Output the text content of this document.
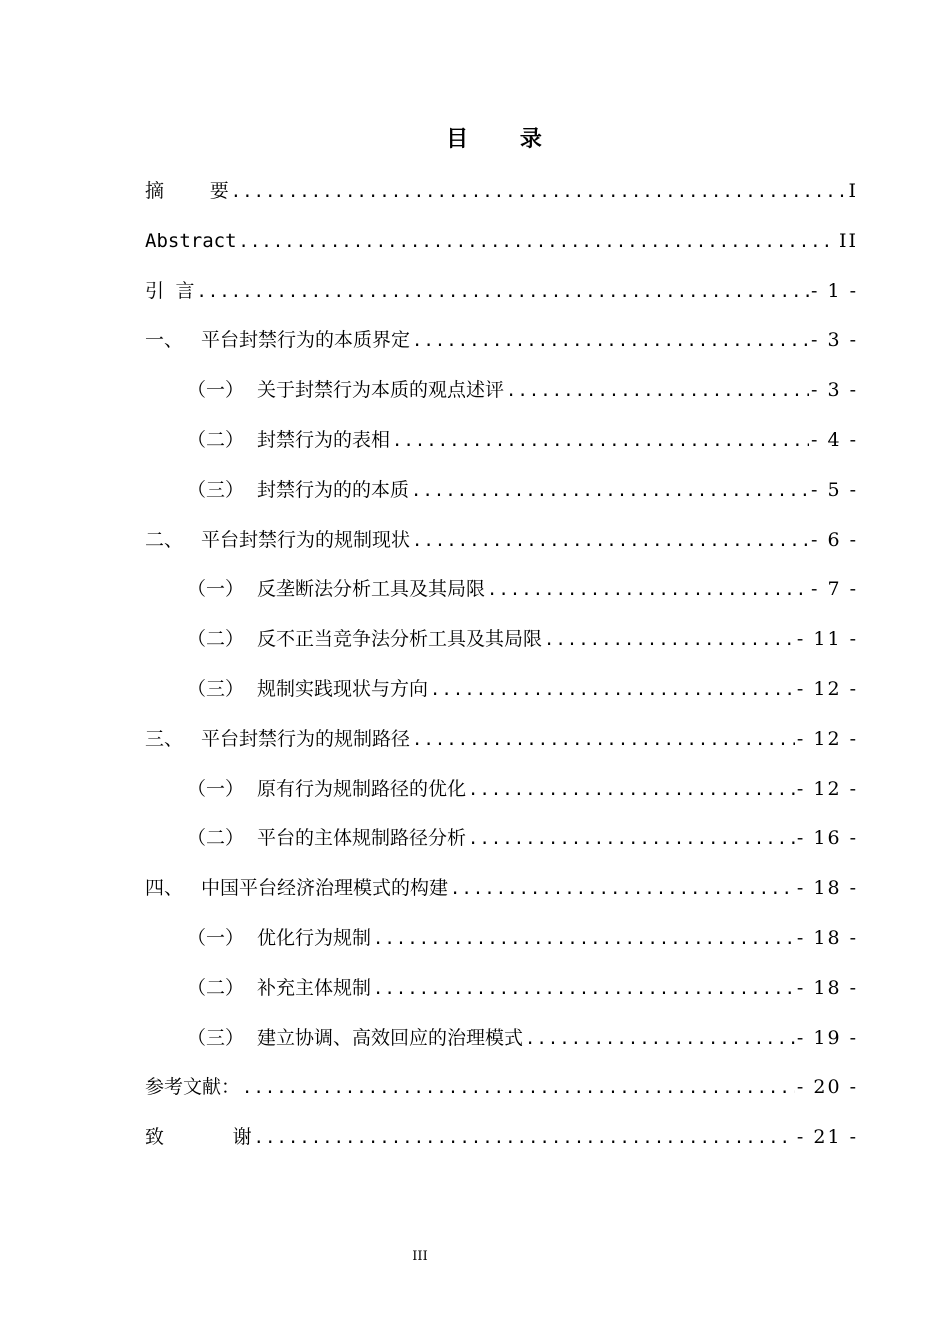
目 录
摘    要 .....	I
Abstract .....	II
引 言 .....	- 1 -
一、 平台封禁行为的本质界定 .....	- 3 -
（一） 关于封禁行为本质的观点述评 .....	- 3 -
（二） 封禁行为的表相 .....	- 4 -
（三） 封禁行为的的本质 .....	- 5 -
二、 平台封禁行为的规制现状 .....	- 6 -
（一） 反垄断法分析工具及其局限 .....	- 7 -
（二） 反不正当竞争法分析工具及其局限 .....	- 11 -
（三） 规制实践现状与方向 .....	- 12 -
三、 平台封禁行为的规制路径 .....	- 12 -
（一） 原有行为规制路径的优化 .....	- 12 -
（二） 平台的主体规制路径分析 .....	- 16 -
四、 中国平台经济治理模式的构建 .....	- 18 -
（一） 优化行为规制 .....	- 18 -
（二） 补充主体规制 .....	- 18 -
（三） 建立协调、高效回应的治理模式 .....	- 19 -
参考文献： .....	- 20 -
致      谢 .....	- 21 -
III
